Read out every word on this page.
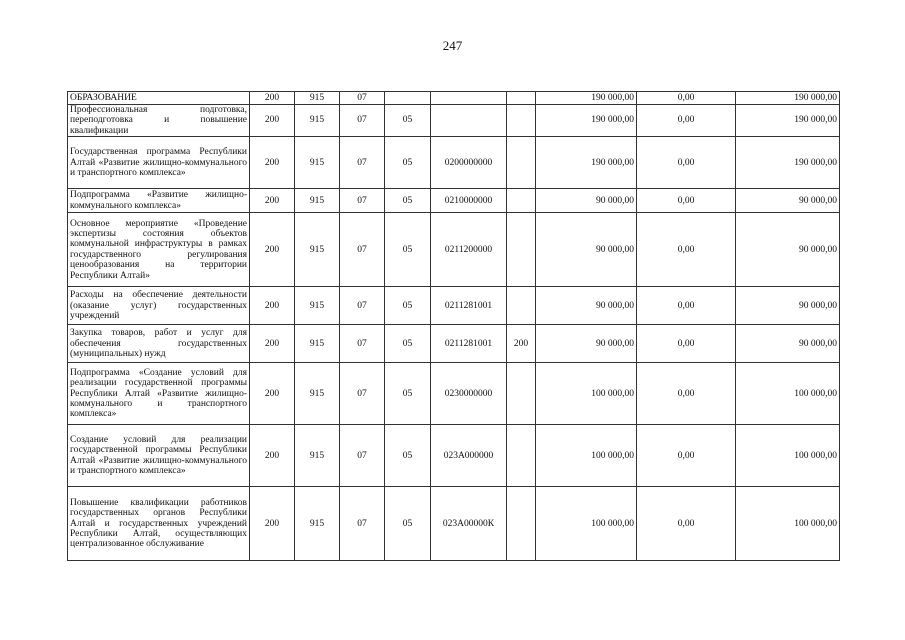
247
ОБРАЗОВАНИЕ	200	915	07				190 000,00	0,00	190 000,00
Профессиональная подготовка, переподготовка и повышение квалификации	200	915	07	05			190 000,00	0,00	190 000,00
Государственная программа Республики Алтай «Развитие жилищно-коммунального и транспортного комплекса»	200	915	07	05	0200000000		190 000,00	0,00	190 000,00
Подпрограмма «Развитие жилищно-коммунального комплекса»	200	915	07	05	0210000000		90 000,00	0,00	90 000,00
Основное мероприятие «Проведение экспертизы состояния объектов коммунальной инфраструктуры в рамках государственного регулирования ценообразования на территории Республики Алтай»	200	915	07	05	0211200000		90 000,00	0,00	90 000,00
Расходы на обеспечение деятельности (оказание услуг) государственных учреждений	200	915	07	05	0211281001		90 000,00	0,00	90 000,00
Закупка товаров, работ и услуг для обеспечения государственных (муниципальных) нужд	200	915	07	05	0211281001	200	90 000,00	0,00	90 000,00
Подпрограмма «Создание условий для реализации государственной программы Республики Алтай «Развитие жилищно-коммунального и транспортного комплекса»	200	915	07	05	0230000000		100 000,00	0,00	100 000,00
Создание условий для реализации государственной программы Республики Алтай «Развитие жилищно-коммунального и транспортного комплекса»	200	915	07	05	023А000000		100 000,00	0,00	100 000,00
Повышение квалификации работников государственных органов Республики Алтай и государственных учреждений Республики Алтай, осуществляющих централизованное обслуживание	200	915	07	05	023А00000К		100 000,00	0,00	100 000,00
